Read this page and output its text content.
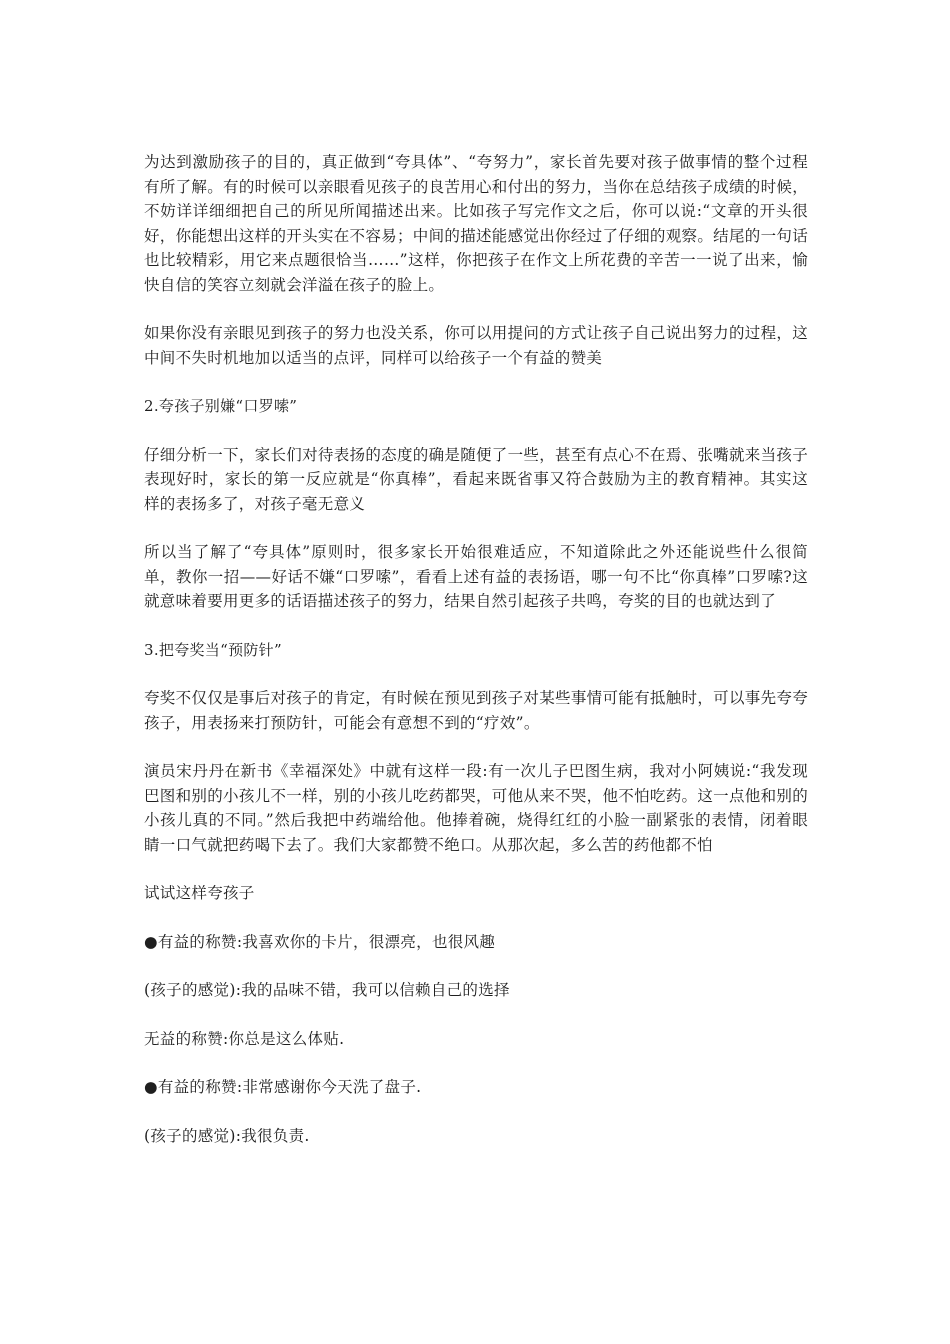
为达到激励孩子的目的，真正做到“夸具体”、“夸努力”，家长首先要对孩子做事情的整个过程有所了解。有的时候可以亲眼看见孩子的良苦用心和付出的努力，当你在总结孩子成绩的时候，不妨详详细细把自己的所见所闻描述出来。比如孩子写完作文之后，你可以说:“文章的开头很好，你能想出这样的开头实在不容易；中间的描述能感觉出你经过了仔细的观察。结尾的一句话也比较精彩，用它来点题很恰当……”这样，你把孩子在作文上所花费的辛苦一一说了出来，愉快自信的笑容立刻就会洋溢在孩子的脸上。

如果你没有亲眼见到孩子的努力也没关系，你可以用提问的方式让孩子自己说出努力的过程，这中间不失时机地加以适当的点评，同样可以给孩子一个有益的赞美

2.夸孩子别嫌“口罗嗦”

仔细分析一下，家长们对待表扬的态度的确是随便了一些，甚至有点心不在焉、张嘴就来当孩子表现好时，家长的第一反应就是“你真棒”，看起来既省事又符合鼓励为主的教育精神。其实这样的表扬多了，对孩子毫无意义

所以当了解了“夸具体”原则时，很多家长开始很难适应，不知道除此之外还能说些什么很简单，教你一招——好话不嫌“口罗嗦”，看看上述有益的表扬语，哪一句不比“你真棒”口罗嗦?这就意味着要用更多的话语描述孩子的努力，结果自然引起孩子共鸣，夸奖的目的也就达到了

3.把夸奖当“预防针”

夸奖不仅仅是事后对孩子的肯定，有时候在预见到孩子对某些事情可能有抵触时，可以事先夸夸孩子，用表扬来打预防针，可能会有意想不到的“疗效”。

演员宋丹丹在新书《幸福深处》中就有这样一段:有一次儿子巴图生病，我对小阿姨说:“我发现巴图和别的小孩儿不一样，别的小孩儿吃药都哭，可他从来不哭，他不怕吃药。这一点他和别的小孩儿真的不同。”然后我把中药端给他。他捧着碗，烧得红红的小脸一副紧张的表情，闭着眼睛一口气就把药喝下去了。我们大家都赞不绝口。从那次起，多么苦的药他都不怕

试试这样夸孩子

●有益的称赞:我喜欢你的卡片，很漂亮，也很风趣

(孩子的感觉):我的品味不错，我可以信赖自己的选择

无益的称赞:你总是这么体贴.

●有益的称赞:非常感谢你今天洗了盘子.

(孩子的感觉):我很负责.
